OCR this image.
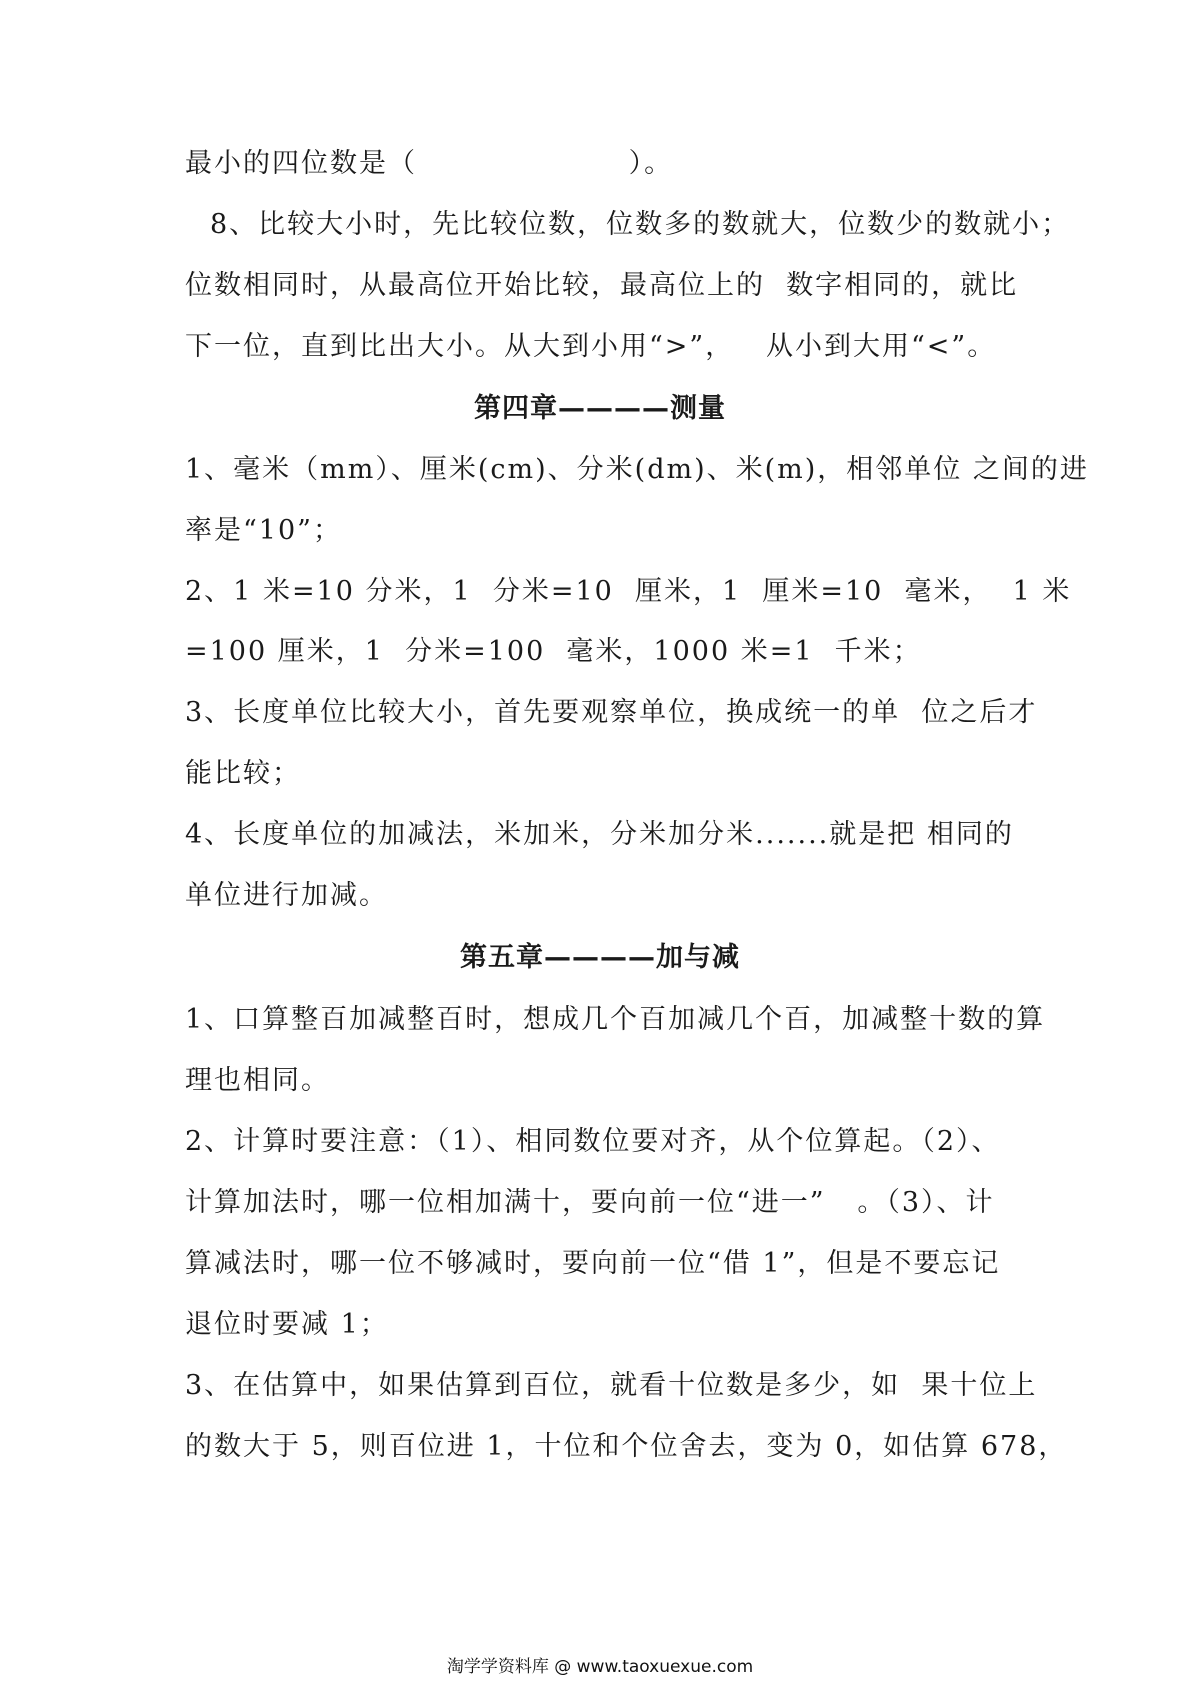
最小的四位数是（                    ）。
8、比较大小时，先比较位数，位数多的数就大，位数少的数就小；
位数相同时，从最高位开始比较，最高位上的  数字相同的，就比
下一位，直到比出大小。从大到小用“>”，   从小到大用“<”。
第四章————测量
1、毫米（mm）、厘米(cm)、分米(dm)、米(m)，相邻单位 之间的进
率是“10”；
2、1 米=10 分米，1  分米=10  厘米，1  厘米=10  毫米，  1 米
=100 厘米，1  分米=100  毫米，1000 米=1  千米；
3、长度单位比较大小，首先要观察单位，换成统一的单  位之后才
能比较；
4、长度单位的加减法，米加米，分米加分米.......就是把 相同的
单位进行加减。
第五章————加与减
1、口算整百加减整百时，想成几个百加减几个百，加减整十数的算
理也相同。
2、计算时要注意：（1）、相同数位要对齐，从个位算起。（2）、
计算加法时，哪一位相加满十，要向前一位“进一”   。（3）、计
算减法时，哪一位不够减时，要向前一位“借 1”，但是不要忘记
退位时要减 1；
3、在估算中，如果估算到百位，就看十位数是多少，如  果十位上
的数大于 5，则百位进 1，十位和个位舍去，变为 0，如估算 678，
淘学学资料库 @ www.taoxuexue.com
